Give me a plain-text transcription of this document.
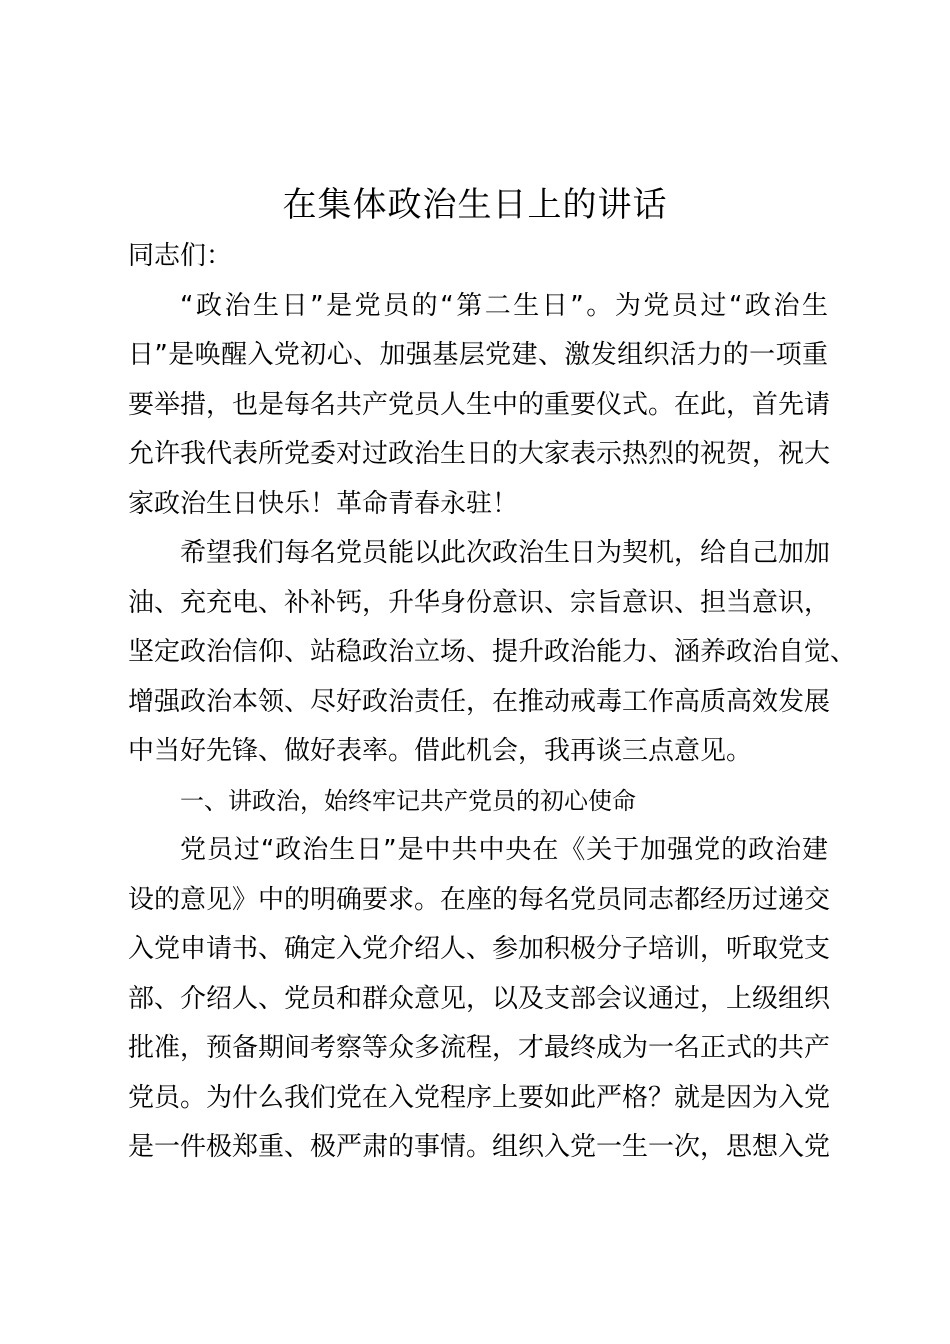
在集体政治生日上的讲话
同志们：
“政治生日”是党员的“第二生日”。为党员过“政治生
日”是唤醒入党初心、加强基层党建、激发组织活力的一项重
要举措，也是每名共产党员人生中的重要仪式。在此，首先请
允许我代表所党委对过政治生日的大家表示热烈的祝贺，祝大
家政治生日快乐！革命青春永驻！
希望我们每名党员能以此次政治生日为契机，给自己加加
油、充充电、补补钙，升华身份意识、宗旨意识、担当意识，
坚定政治信仰、站稳政治立场、提升政治能力、涵养政治自觉、
增强政治本领、尽好政治责任，在推动戒毒工作高质高效发展
中当好先锋、做好表率。借此机会，我再谈三点意见。
一、讲政治，始终牢记共产党员的初心使命
党员过“政治生日”是中共中央在《关于加强党的政治建
设的意见》中的明确要求。在座的每名党员同志都经历过递交
入党申请书、确定入党介绍人、参加积极分子培训，听取党支
部、介绍人、党员和群众意见，以及支部会议通过，上级组织
批准，预备期间考察等众多流程，才最终成为一名正式的共产
党员。为什么我们党在入党程序上要如此严格？就是因为入党
是一件极郑重、极严肃的事情。组织入党一生一次，思想入党
